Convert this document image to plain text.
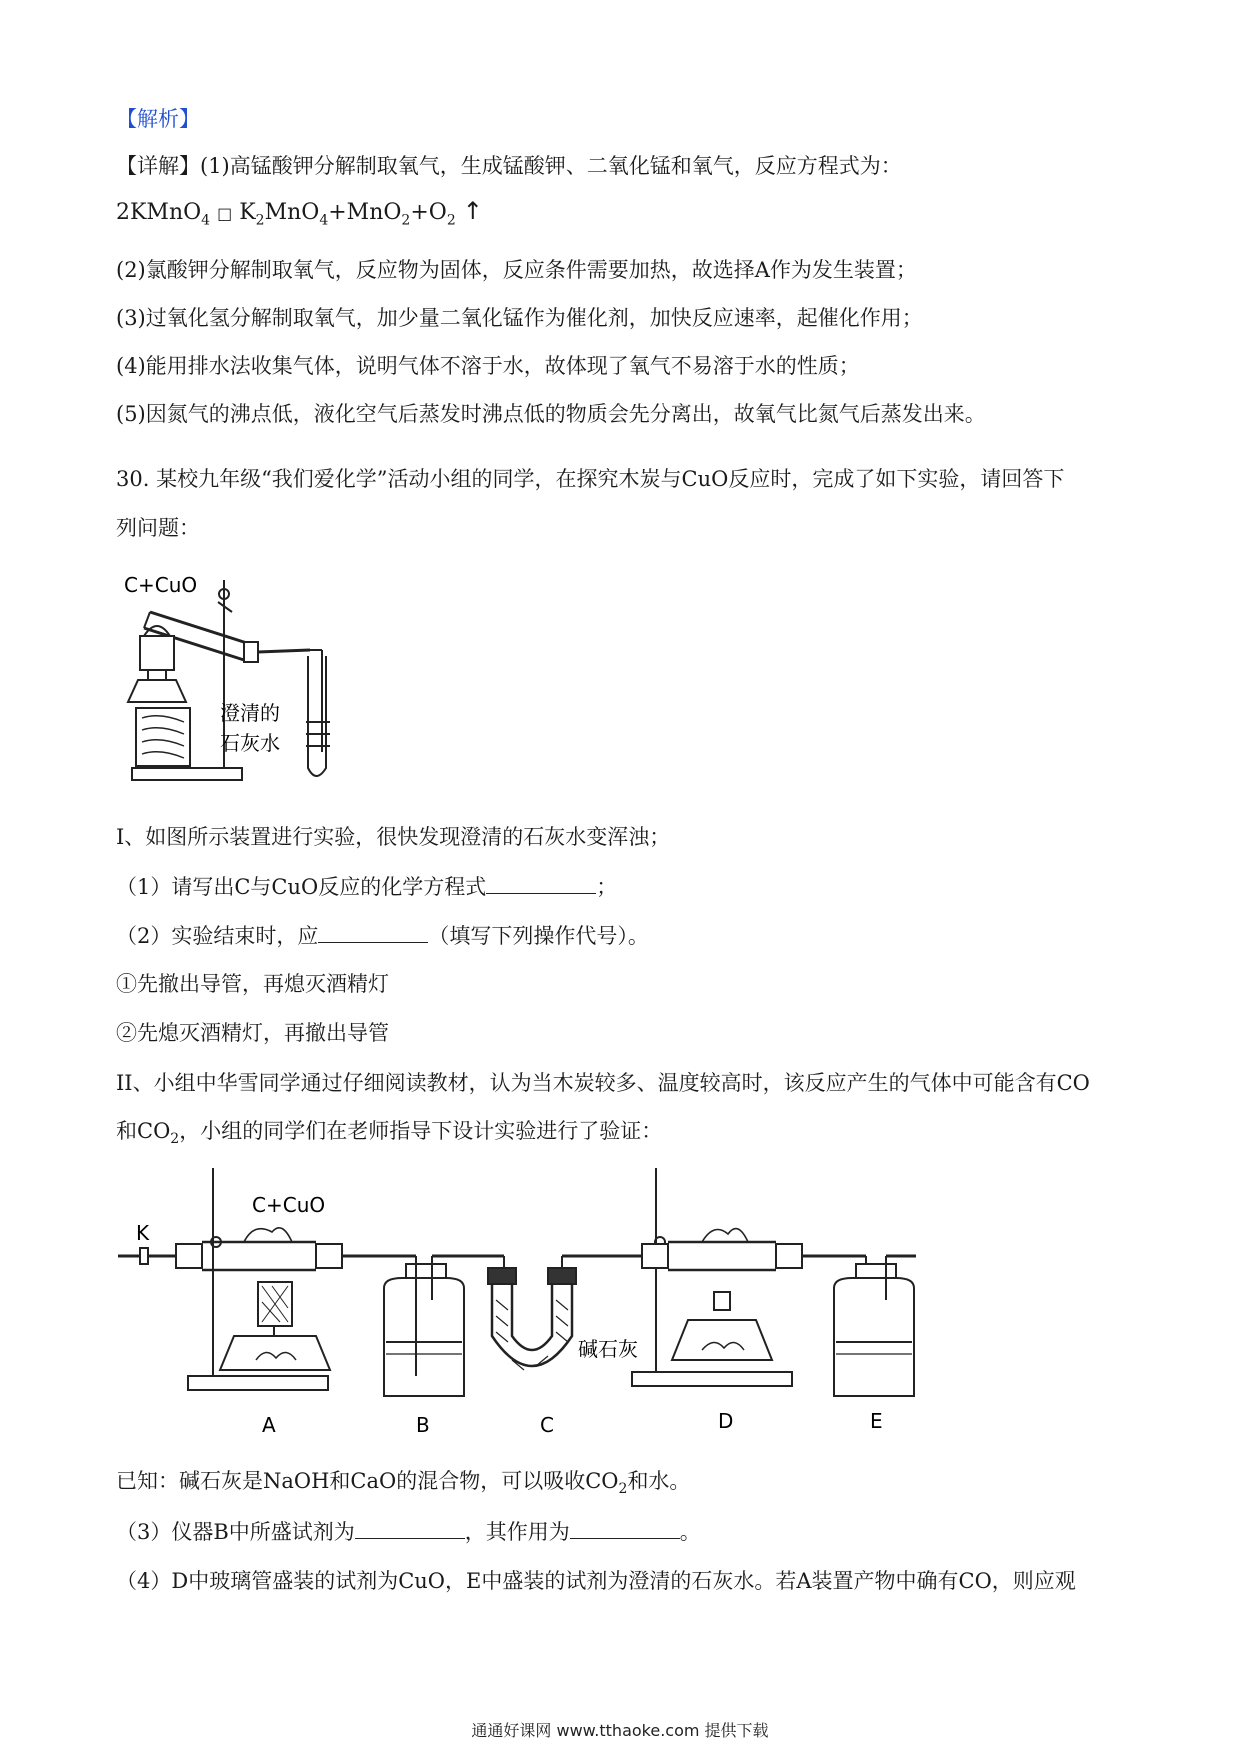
【解析】
【详解】(1)高锰酸钾分解制取氧气，生成锰酸钾、二氧化锰和氧气，反应方程式为：
2KMnO$_4$ □ $K_2MnO_4+MnO_2+O_2$ ↑
(2)氯酸钾分解制取氧气，反应物为固体，反应条件需要加热，故选择A作为发生装置；
(3)过氧化氢分解制取氧气，加少量二氧化锰作为催化剂，加快反应速率，起催化作用；
(4)能用排水法收集气体，说明气体不溶于水，故体现了氧气不易溶于水的性质；
(5)因氮气的沸点低，液化空气后蒸发时沸点低的物质会先分离出，故氧气比氮气后蒸发出来。
30. 某校九年级“我们爱化学”活动小组的同学，在探究木炭与CuO反应时，完成了如下实验，请回答下
列问题：
C+CuO
澄清的
石灰水
I、如图所示装置进行实验，很快发现澄清的石灰水变浑浊；
（1）请写出C与CuO反应的化学方程式	；
（2）实验结束时，应	（填写下列操作代号）。
①先撤出导管，再熄灭酒精灯
②先熄灭酒精灯，再撤出导管
II、小组中华雪同学通过仔细阅读教材，认为当木炭较多、温度较高时，该反应产生的气体中可能含有CO
和$CO_2$，小组的同学们在老师指导下设计实验进行了验证：
K
C+CuO
碱石灰
A	B	C	D	E
已知：碱石灰是NaOH和CaO的混合物，可以吸收$CO_2$和水。
（3）仪器B中所盛试剂为	，其作用为	。
（4）D中玻璃管盛装的试剂为CuO，E中盛装的试剂为澄清的石灰水。若A装置产物中确有CO，则应观
通通好课网 www.tthaoke.com 提供下载
